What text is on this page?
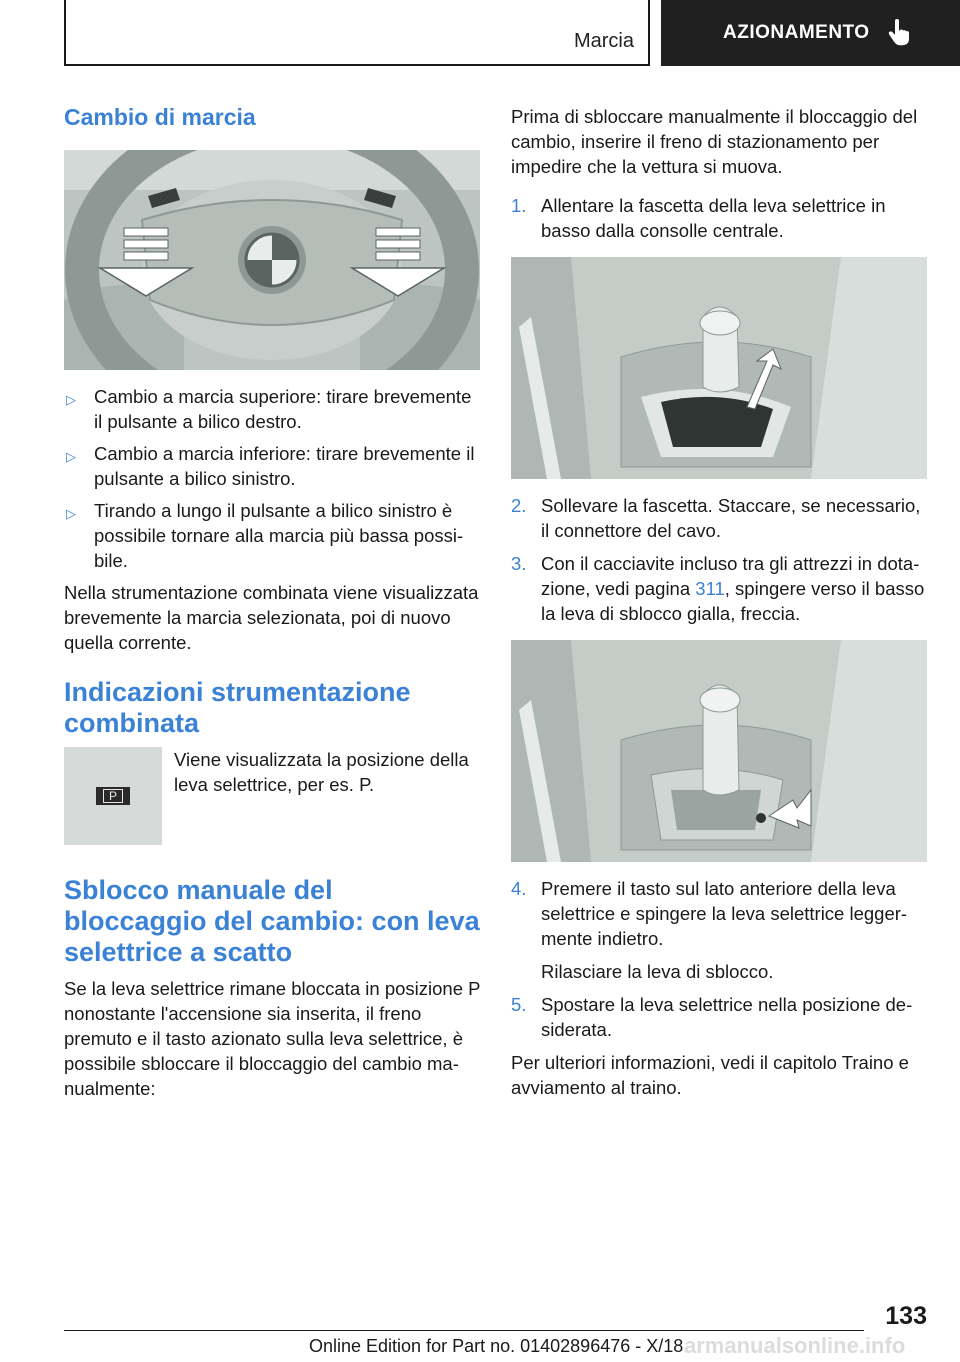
Marcia	AZIONAMENTO
Cambio di marcia
▷ Cambio a marcia superiore: tirare brevemente il pulsante a bilico destro.
▷ Cambio a marcia inferiore: tirare brevemente il pulsante a bilico sinistro.
▷ Tirando a lungo il pulsante a bilico sinistro è possibile tornare alla marcia più bassa possibile.

Nella strumentazione combinata viene visualizzata brevemente la marcia selezionata, poi di nuovo quella corrente.

Indicazioni strumentazione combinata
P
Viene visualizzata la posizione della leva selettrice, per es. P.
Sblocco manuale del bloccaggio del cambio: con leva selettrice a scatto

Se la leva selettrice rimane bloccata in posizione P nonostante l'accensione sia inserita, il freno premuto e il tasto azionato sulla leva selettrice, è possibile sbloccare il bloccaggio del cambio manualmente:

Prima di sbloccare manualmente il bloccaggio del cambio, inserire il freno di stazionamento per impedire che la vettura si muova.

1. Allentare la fascetta della leva selettrice in basso dalla consolle centrale.
2. Sollevare la fascetta. Staccare, se necessario, il connettore del cavo.
3. Con il cacciavite incluso tra gli attrezzi in dotazione, vedi pagina 311, spingere verso il basso la leva di sblocco gialla, freccia.
4. Premere il tasto sul lato anteriore della leva selettrice e spingere la leva selettrice leggermente indietro.
Rilasciare la leva di sblocco.
5. Spostare la leva selettrice nella posizione desiderata.

Per ulteriori informazioni, vedi il capitolo Traino e avviamento al traino.

133
Online Edition for Part no. 01402896476 - X/18 armanualsonline.info
